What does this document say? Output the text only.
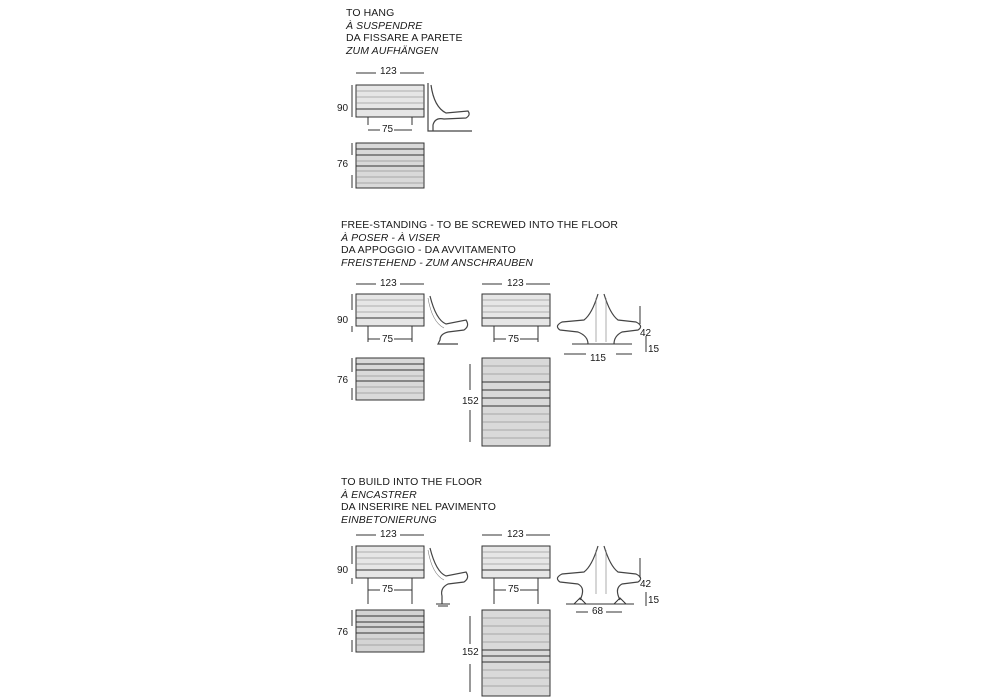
TO HANG
À SUSPENDRE
DA FISSARE A PARETE
ZUM AUFHÄNGEN
123
90
75
76
FREE-STANDING - TO BE SCREWED INTO THE FLOOR
À POSER - À VISER
DA APPOGGIO - DA AVVITAMENTO
FREISTEHEND - ZUM ANSCHRAUBEN
123	123
90
75	75
42
15
115
76
152
TO BUILD INTO THE FLOOR
À ENCASTRER
DA INSERIRE NEL PAVIMENTO
EINBETONIERUNG
123	123
90
75	75	42
15
68
76
152
